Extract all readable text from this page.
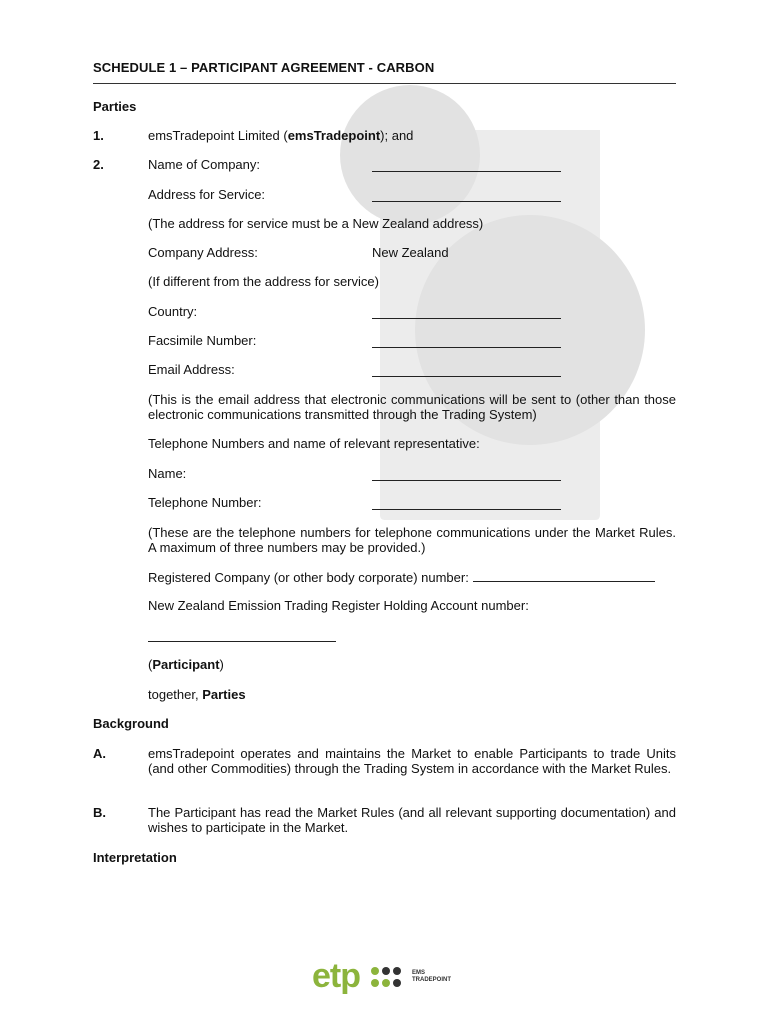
SCHEDULE 1 – PARTICIPANT AGREEMENT - CARBON
Parties
1.	emsTradepoint Limited (emsTradepoint); and
2.	Name of Company:
Address for Service:
(The address for service must be a New Zealand address)
Company Address:	New Zealand
(If different from the address for service)
Country:
Facsimile Number:
Email Address:
(This is the email address that electronic communications will be sent to (other than those electronic communications transmitted through the Trading System)
Telephone Numbers and name of relevant representative:
Name:
Telephone Number:
(These are the telephone numbers for telephone communications under the Market Rules. A maximum of three numbers may be provided.)
Registered Company (or other body corporate) number:
New Zealand Emission Trading Register Holding Account number:
(Participant)
together, Parties
Background
A.	emsTradepoint operates and maintains the Market to enable Participants to trade Units (and other Commodities) through the Trading System in accordance with the Market Rules.
B.	The Participant has read the Market Rules (and all relevant supporting documentation) and wishes to participate in the Market.
Interpretation
etp	EMS
TRADEPOINT
